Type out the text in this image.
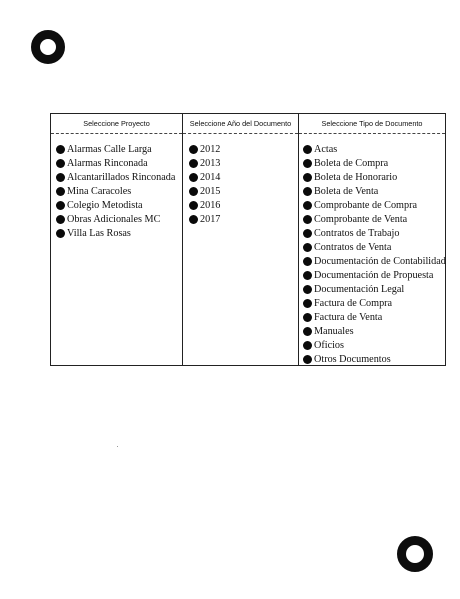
Seleccione Proyecto
Alarmas Calle Larga
Alarmas Rinconada
Alcantarillados Rinconada
Mina Caracoles
Colegio Metodista
Obras Adicionales MC
Villa Las Rosas
Seleccione Año del Documento
2012
2013
2014
2015
2016
2017
Seleccione Tipo de Documento
Actas
Boleta de Compra
Boleta de Honorario
Boleta de Venta
Comprobante de Compra
Comprobante de Venta
Contratos de Trabajo
Contratos de Venta
Documentación de Contabilidad
Documentación de Propuesta
Documentación Legal
Factura de Compra
Factura de Venta
Manuales
Oficios
Otros Documentos
